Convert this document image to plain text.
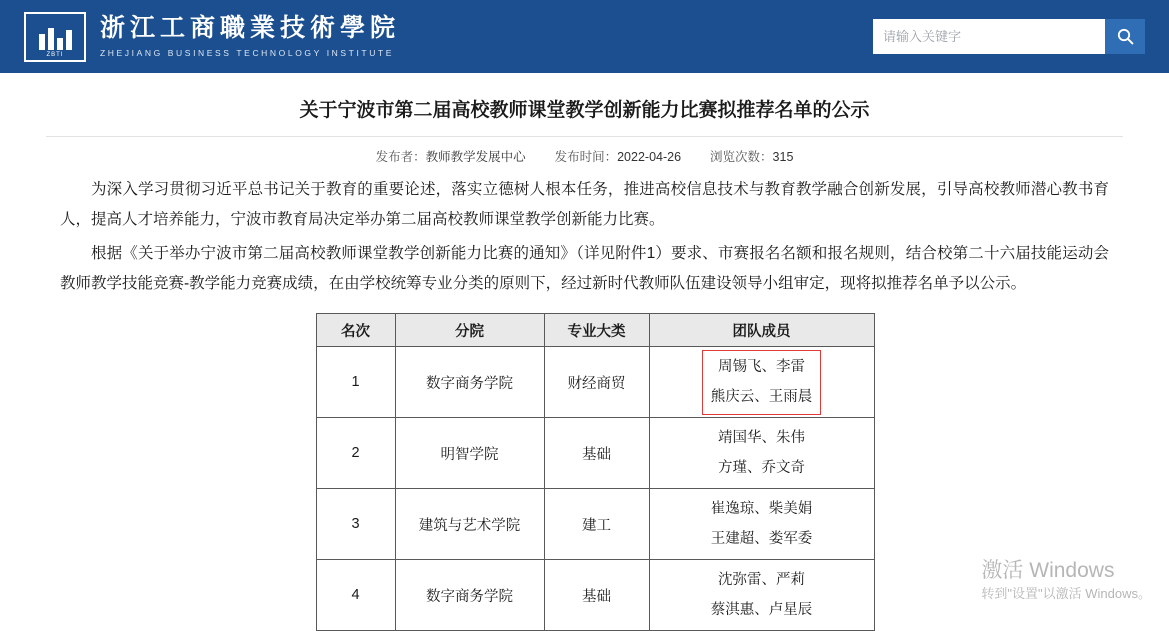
ZBTI
浙江工商職業技術學院
ZHEJIANG BUSINESS TECHNOLOGY INSTITUTE
请输入关键字
关于宁波市第二届高校教师课堂教学创新能力比赛拟推荐名单的公示
发布者：教师教学发展中心 发布时间：2022-04-26 浏览次数：315

为深入学习贯彻习近平总书记关于教育的重要论述，落实立德树人根本任务，推进高校信息技术与教育教学融合创新发展，引导高校教师潜心教书育人，提高人才培养能力，宁波市教育局决定举办第二届高校教师课堂教学创新能力比赛。

根据《关于举办宁波市第二届高校教师课堂教学创新能力比赛的通知》（详见附件1）要求、市赛报名名额和报名规则，结合校第二十六届技能运动会教师教学技能竞赛-教学能力竞赛成绩，在由学校统筹专业分类的原则下，经过新时代教师队伍建设领导小组审定，现将拟推荐名单予以公示。

名次	分院	专业大类	团队成员
1	数字商务学院	财经商贸	周锡飞、李雷
熊庆云、王雨晨

2	明智学院	基础	靖国华、朱伟
方瑾、乔文奇

3	建筑与艺术学院	建工	崔逸琼、柴美娟
王建超、娄军委

4	数字商务学院	基础	沈弥雷、严莉
蔡淇惠、卢星辰
激活 Windows
转到"设置"以激活 Windows。
